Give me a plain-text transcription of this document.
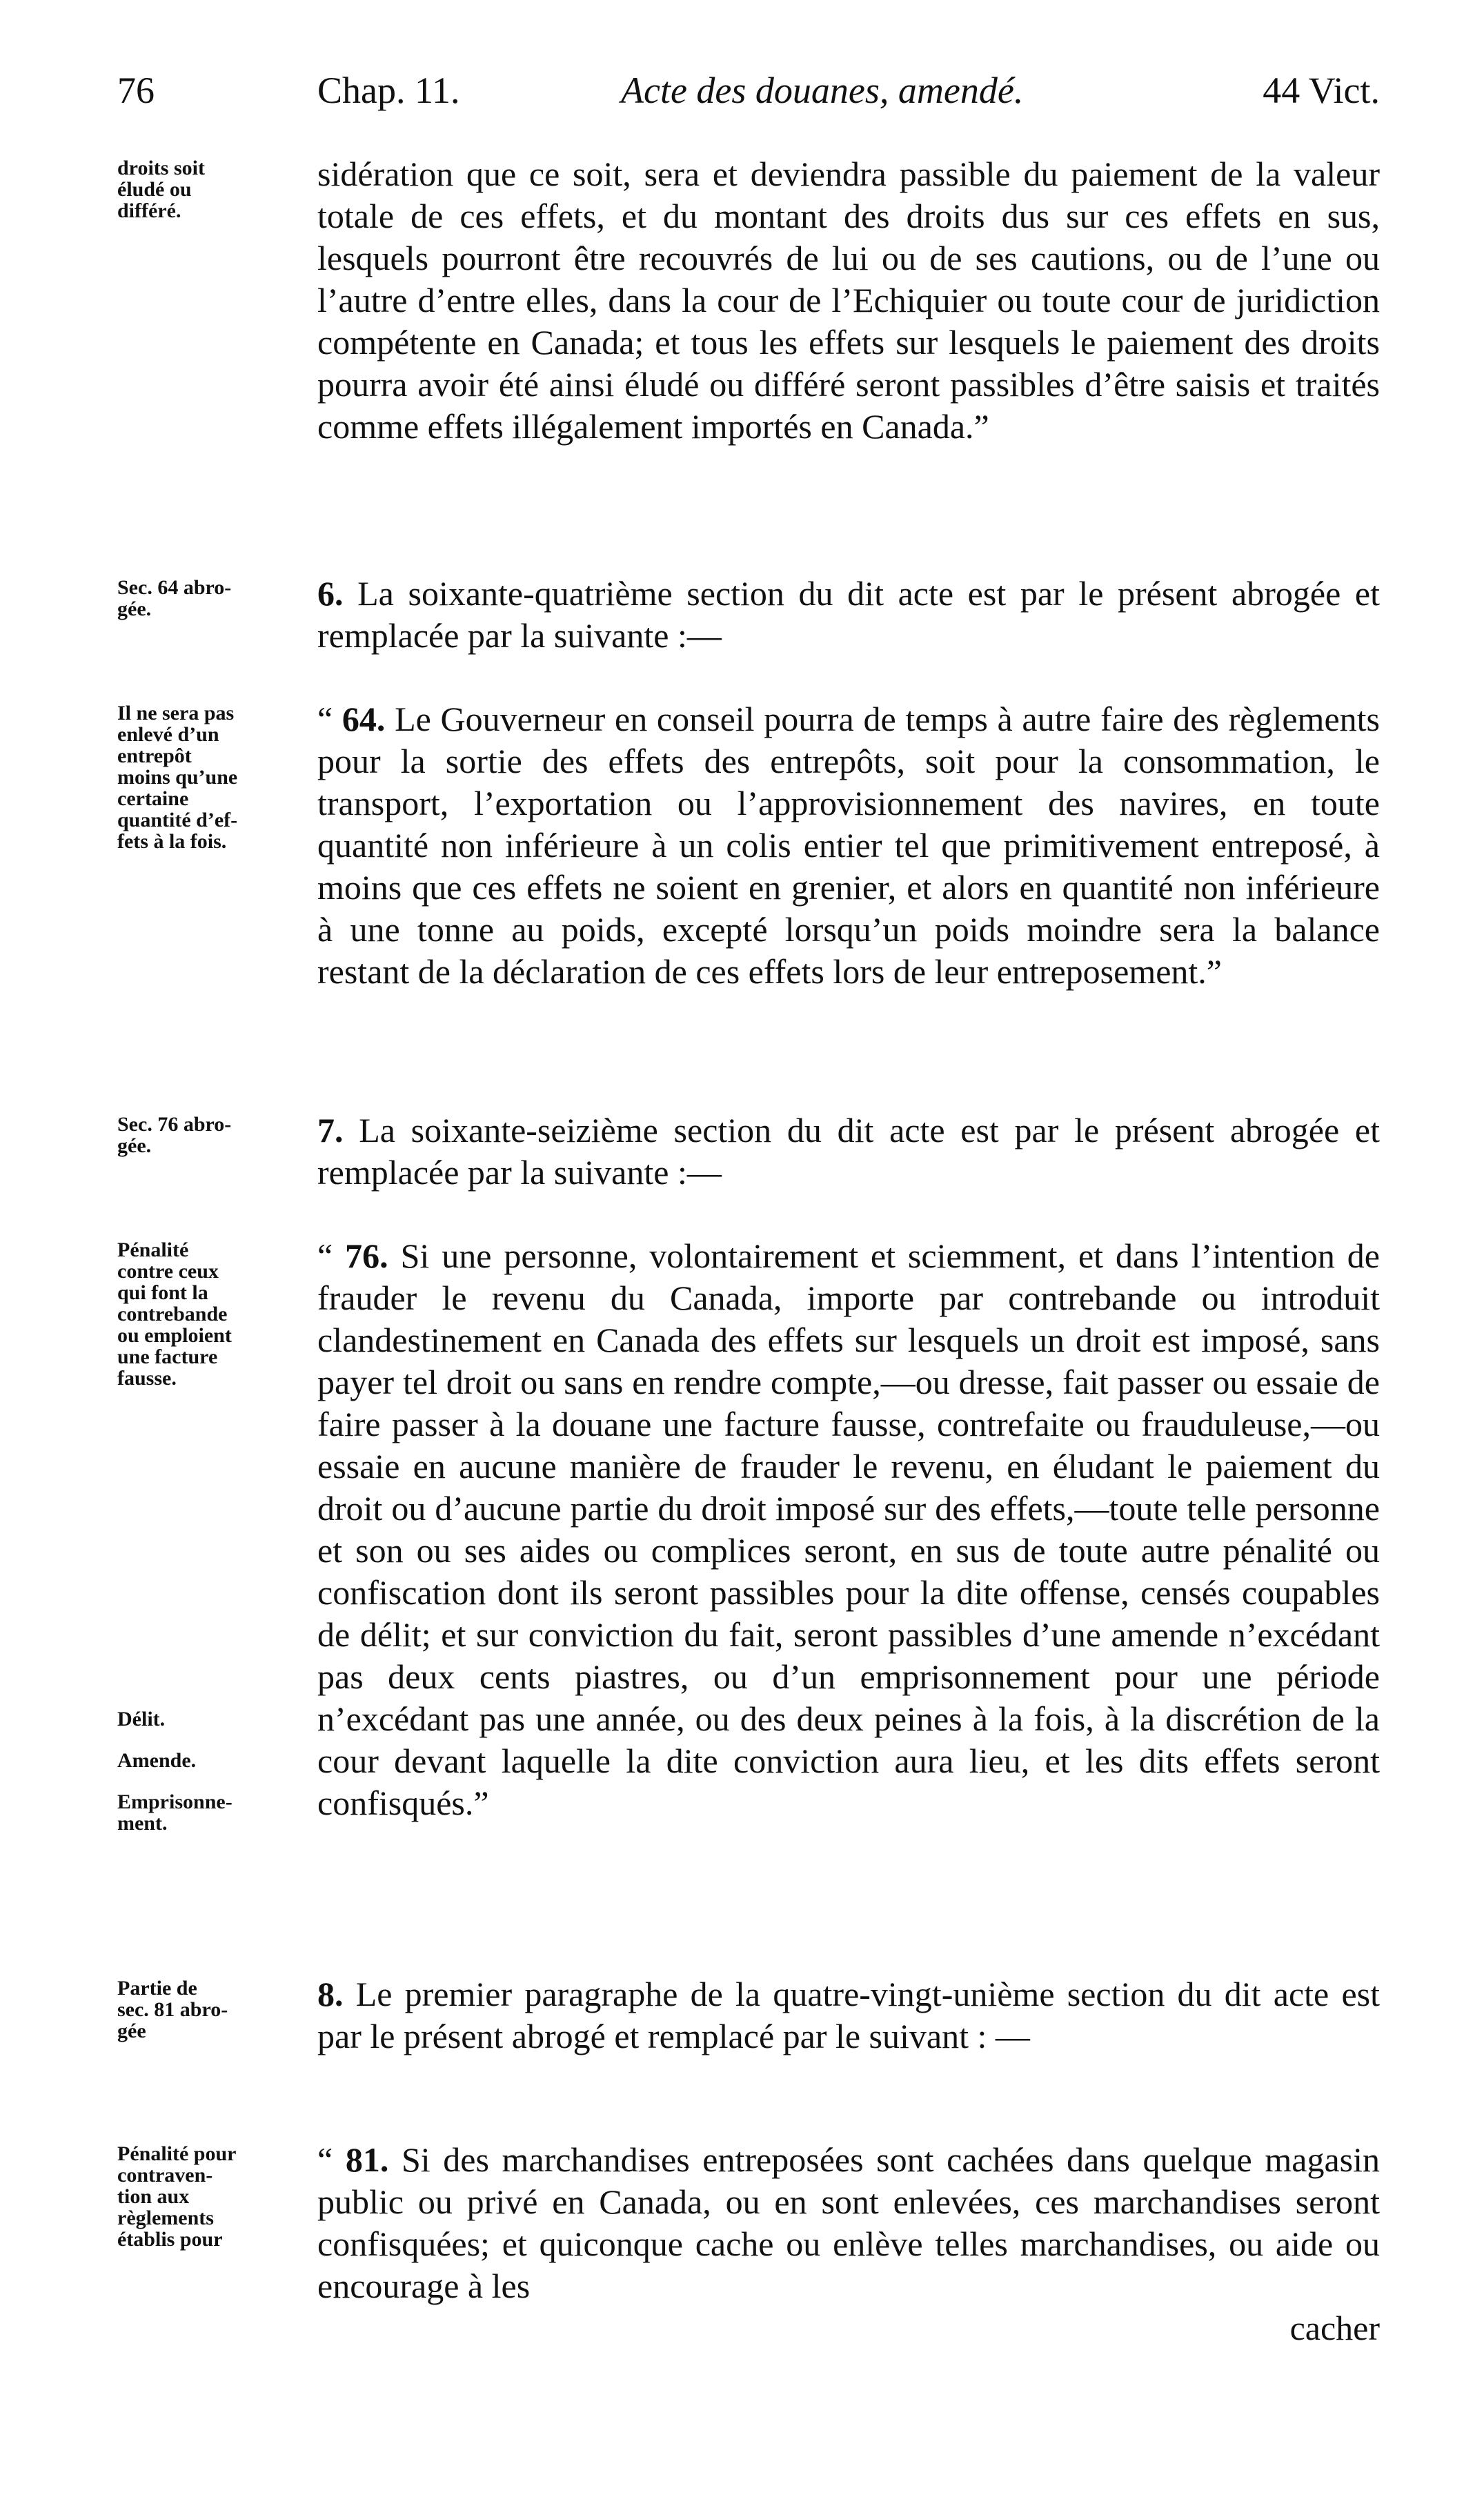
76	Chap. 11.	Acte des douanes, amendé.	44 Vict.
droits soit
éludé ou
différé.

sidération que ce soit, sera et deviendra passible du paiement de la valeur totale de ces effets, et du montant des droits dus sur ces effets en sus, lesquels pourront être recouvrés de lui ou de ses cautions, ou de l’une ou l’autre d’entre elles, dans la cour de l’Echiquier ou toute cour de juridiction compétente en Canada; et tous les effets sur lesquels le paiement des droits pourra avoir été ainsi éludé ou différé seront passibles d’être saisis et traités comme effets illégalement importés en Canada.”

Sec. 64 abro-
gée.	6. La soixante-quatrième section du dit acte est par le présent abrogée et remplacée par la suivante :—

Il ne sera pas
enlevé d’un
entrepôt
moins qu’une
certaine
quantité d’ef-
fets à la fois.

“ 64. Le Gouverneur en conseil pourra de temps à autre faire des règlements pour la sortie des effets des entrepôts, soit pour la consommation, le transport, l’exportation ou l’approvisionnement des navires, en toute quantité non inférieure à un colis entier tel que primitivement entreposé, à moins que ces effets ne soient en grenier, et alors en quantité non inférieure à une tonne au poids, excepté lorsqu’un poids moindre sera la balance restant de la déclaration de ces effets lors de leur entreposement.”

Sec. 76 abro-
gée.	7. La soixante-seizième section du dit acte est par le présent abrogée et remplacée par la suivante :—

Pénalité
contre ceux
qui font la
contrebande
ou emploient
une facture
fausse.
Délit.
Amende.
Emprisonne-
ment.

“ 76. Si une personne, volontairement et sciemment, et dans l’intention de frauder le revenu du Canada, importe par contrebande ou introduit clandestinement en Canada des effets sur lesquels un droit est imposé, sans payer tel droit ou sans en rendre compte,—ou dresse, fait passer ou essaie de faire passer à la douane une facture fausse, contrefaite ou frauduleuse,—ou essaie en aucune manière de frauder le revenu, en éludant le paiement du droit ou d’aucune partie du droit imposé sur des effets,—toute telle personne et son ou ses aides ou complices seront, en sus de toute autre pénalité ou confiscation dont ils seront passibles pour la dite offense, censés coupables de délit; et sur conviction du fait, seront passibles d’une amende n’excédant pas deux cents piastres, ou d’un emprisonnement pour une période n’excédant pas une année, ou des deux peines à la fois, à la discrétion de la cour devant laquelle la dite conviction aura lieu, et les dits effets seront confisqués.”

Partie de
sec. 81 abro-
gée

8. Le premier paragraphe de la quatre-vingt-unième section du dit acte est par le présent abrogé et remplacé par le suivant : —

Pénalité pour
contraven-
tion aux
règlements
établis pour

“ 81. Si des marchandises entreposées sont cachées dans quelque magasin public ou privé en Canada, ou en sont enlevées, ces marchandises seront confisquées; et quiconque cache ou enlève telles marchandises, ou aide ou encourage à les

cacher
